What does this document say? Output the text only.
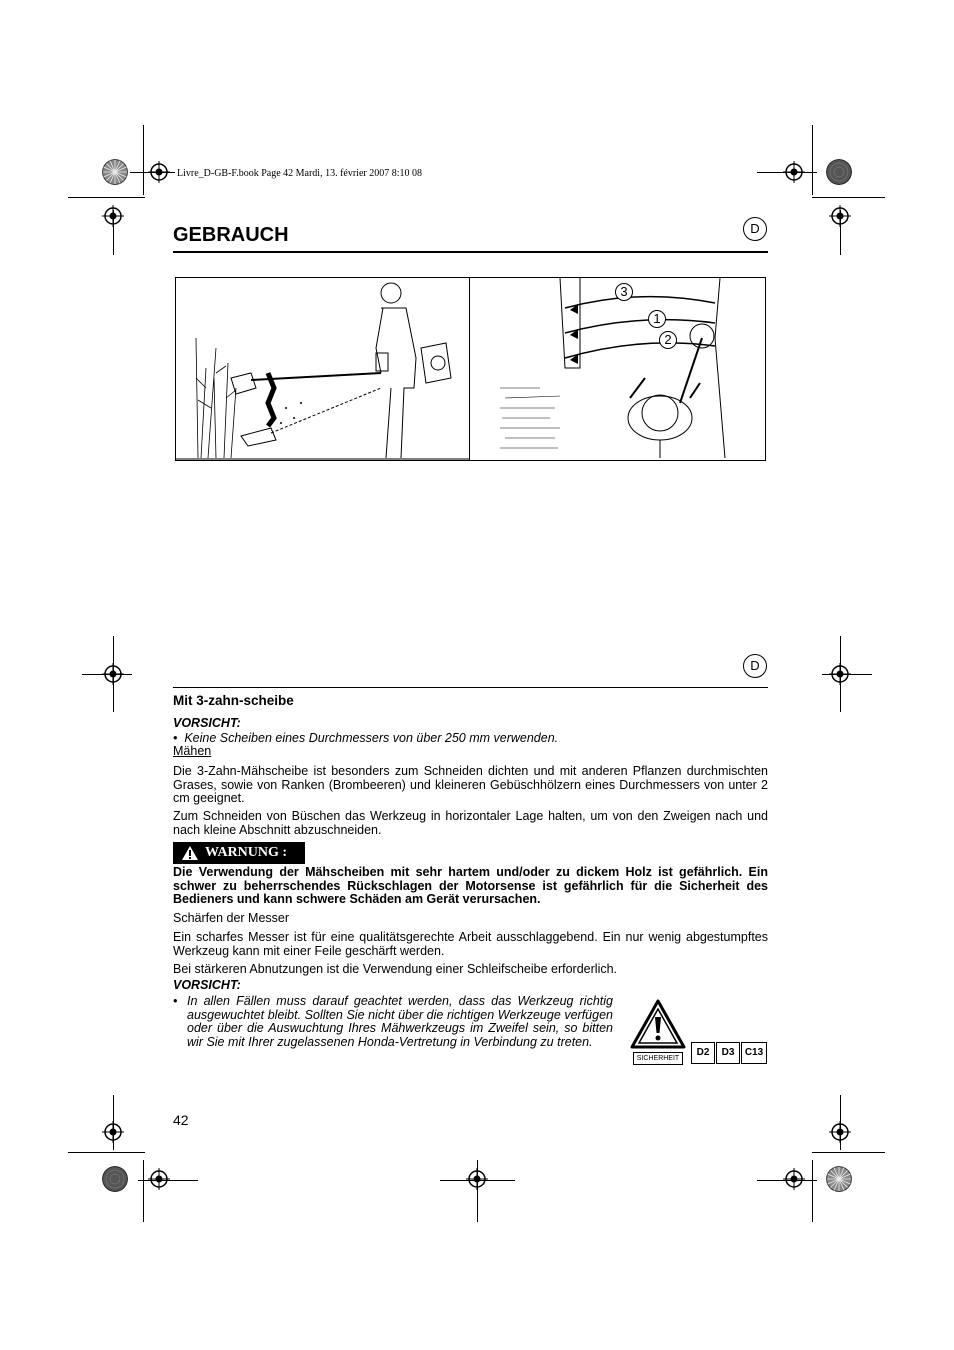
Livre_D-GB-F.book Page 42 Mardi, 13. février 2007 8:10 08
GEBRAUCH	D
3
1
2
D
Mit 3-zahn-scheibe
VORSICHT:
•  Keine Scheiben eines Durchmessers von über 250 mm verwenden.
Mähen
Die 3-Zahn-Mähscheibe ist besonders zum Schneiden dichten und mit anderen Pflanzen durchmischten Grases, sowie von Ranken (Brombeeren) und kleineren Gebüschhölzern eines Durchmessers von unter 2 cm geeignet.
Zum Schneiden von Büschen das Werkzeug in horizontaler Lage halten, um von den Zweigen nach und nach kleine Abschnitt abzuschneiden.
WARNUNG :
Die Verwendung der Mähscheiben mit sehr hartem und/oder zu dickem Holz ist gefährlich. Ein schwer zu beherrschendes Rückschlagen der Motorsense ist gefährlich für die Sicherheit des Bedieners und kann schwere Schäden am Gerät verursachen.
Schärfen der Messer
Ein scharfes Messer ist für eine qualitätsgerechte Arbeit ausschlaggebend. Ein nur wenig abgestumpftes Werkzeug kann mit einer Feile geschärft werden.
Bei stärkeren Abnutzungen ist die Verwendung einer Schleifscheibe erforderlich.
VORSICHT:
• In allen Fällen muss darauf geachtet werden, dass das Werkzeug richtig ausgewuchtet bleibt. Sollten Sie nicht über die richtigen Werkzeuge verfügen oder über die Auswuchtung Ihres Mähwerkzeugs im Zweifel sein, so bitten wir Sie mit Ihrer zugelassenen Honda-Vertretung in Verbindung zu treten.
SICHERHEIT
D2	D3	C13
42
